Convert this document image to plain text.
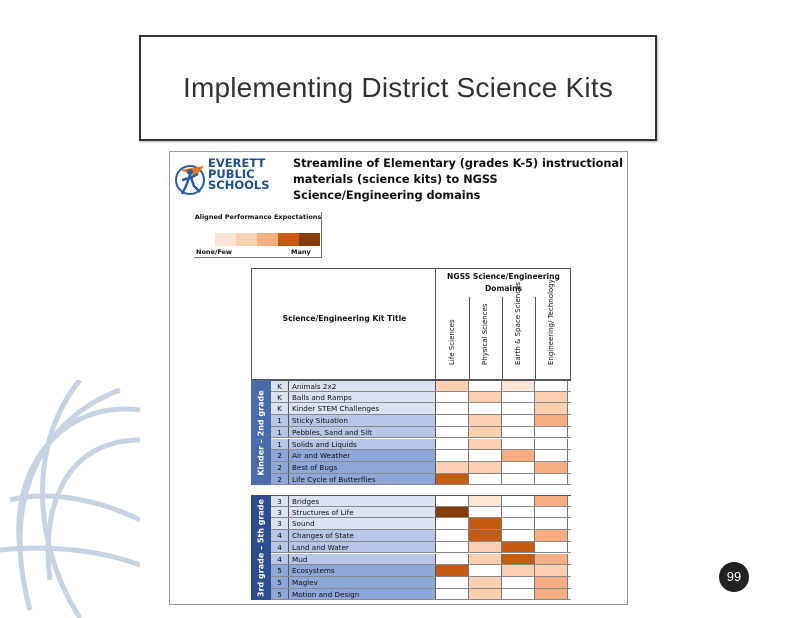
Implementing District Science Kits
EVERETT
PUBLIC
SCHOOLS
Streamline of Elementary (grades K-5) instructional materials (science kits) to NGSS Science/Engineering domains
Aligned Performance Expectations
None/Few	Many
Science/Engineering Kit Title
NGSS Science/Engineering Domains
Life Sciences	Physical Sciences	Earth & Space Sciences	Engineering/ Technology
Kinder – 2nd grade
K	Animals 2x2
K	Balls and Ramps
K	Kinder STEM Challenges
1	Sticky Situation
1	Pebbles, Sand and Silt
1	Solids and Liquids
2	Air and Weather
2	Best of Bugs
2	Life Cycle of Butterflies
3rd grade – 5th grade	3	Bridges
3	Structures of Life
3	Sound
4	Changes of State
4	Land and Water
4	Mud
5	Ecosystems
5	Maglev
5	Motion and Design
99
